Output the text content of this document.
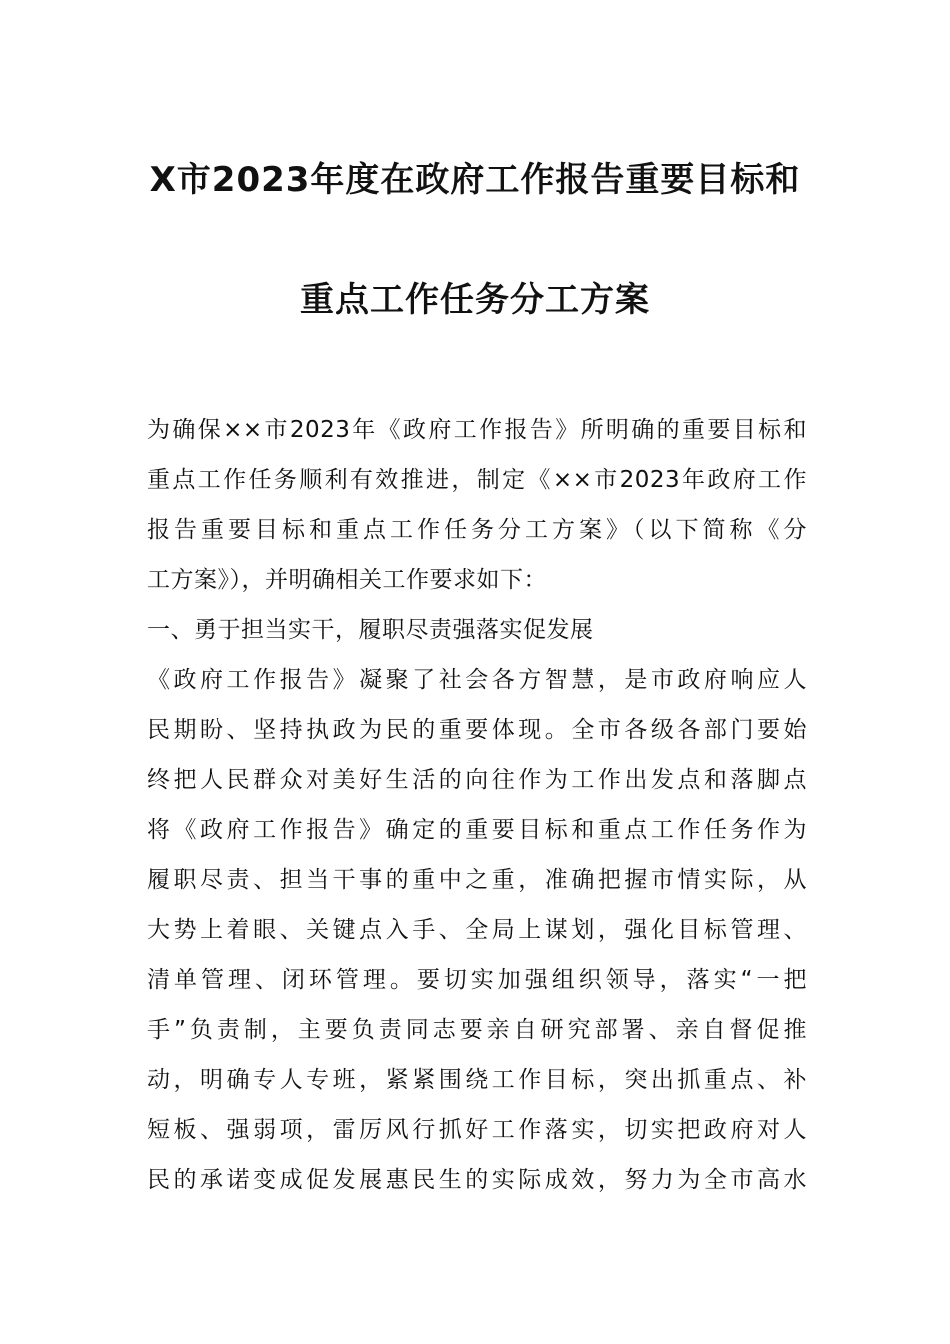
X市2023年度在政府工作报告重要目标和
重点工作任务分工方案
为确保××市2023年《政府工作报告》所明确的重要目标和
重点工作任务顺利有效推进，制定《××市2023年政府工作
报告重要目标和重点工作任务分工方案》（以下简称《分
工方案》），并明确相关工作要求如下：
一、勇于担当实干，履职尽责强落实促发展
《政府工作报告》凝聚了社会各方智慧，是市政府响应人
民期盼、坚持执政为民的重要体现。全市各级各部门要始
终把人民群众对美好生活的向往作为工作出发点和落脚点
将《政府工作报告》确定的重要目标和重点工作任务作为
履职尽责、担当干事的重中之重，准确把握市情实际，从
大势上着眼、关键点入手、全局上谋划，强化目标管理、
清单管理、闭环管理。要切实加强组织领导，落实“一把
手”负责制，主要负责同志要亲自研究部署、亲自督促推
动，明确专人专班，紧紧围绕工作目标，突出抓重点、补
短板、强弱项，雷厉风行抓好工作落实，切实把政府对人
民的承诺变成促发展惠民生的实际成效，努力为全市高水
